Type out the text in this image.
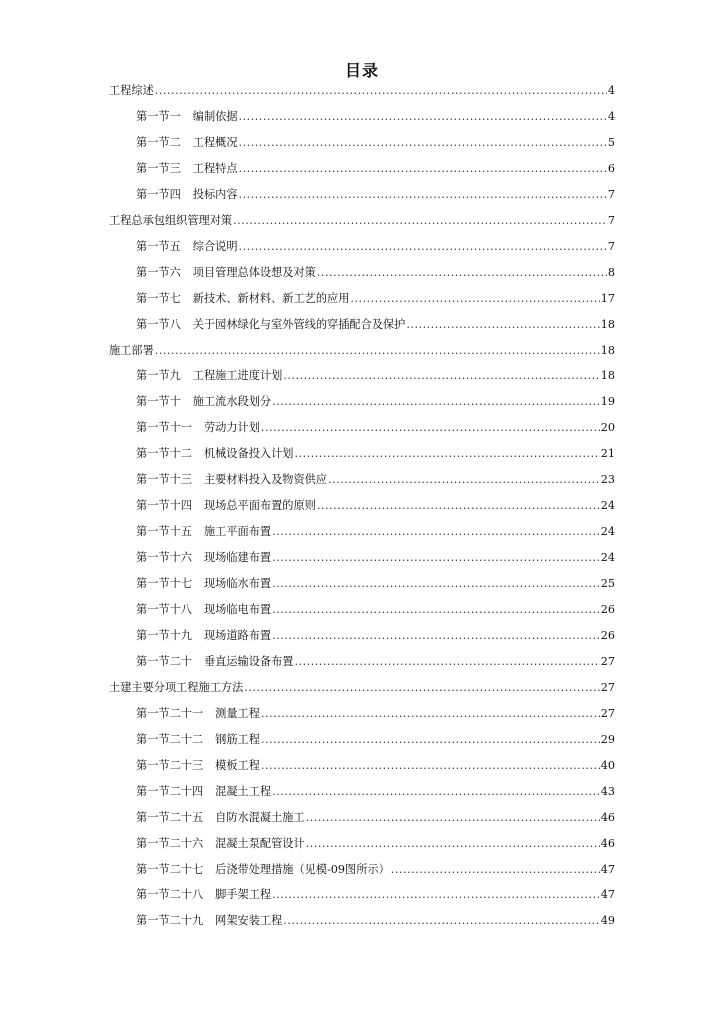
目录
工程综述 .....	4
第一节一 编制依据 .....	4
第一节二 工程概况 .....	5
第一节三 工程特点 .....	6
第一节四 投标内容 .....	7
工程总承包组织管理对策 .....	7
第一节五 综合说明 .....	7
第一节六 项目管理总体设想及对策 .....	8
第一节七 新技术、新材料、新工艺的应用 .....	17
第一节八 关于园林绿化与室外管线的穿插配合及保护 .....	18
施工部署 .....	18
第一节九 工程施工进度计划 .....	18
第一节十 施工流水段划分 .....	19
第一节十一 劳动力计划 .....	20
第一节十二 机械设备投入计划 .....	21
第一节十三 主要材料投入及物资供应 .....	23
第一节十四 现场总平面布置的原则 .....	24
第一节十五 施工平面布置 .....	24
第一节十六 现场临建布置 .....	24
第一节十七 现场临水布置 .....	25
第一节十八 现场临电布置 .....	26
第一节十九 现场道路布置 .....	26
第一节二十 垂直运输设备布置 .....	27
土建主要分项工程施工方法 .....	27
第一节二十一 测量工程 .....	27
第一节二十二 钢筋工程 .....	29
第一节二十三 模板工程 .....	40
第一节二十四 混凝土工程 .....	43
第一节二十五 自防水混凝土施工 .....	46
第一节二十六 混凝土泵配管设计 .....	46
第一节二十七 后浇带处理措施（见模-09图所示） .....	47
第一节二十八 脚手架工程 .....	47
第一节二十九 网架安装工程 .....	49
